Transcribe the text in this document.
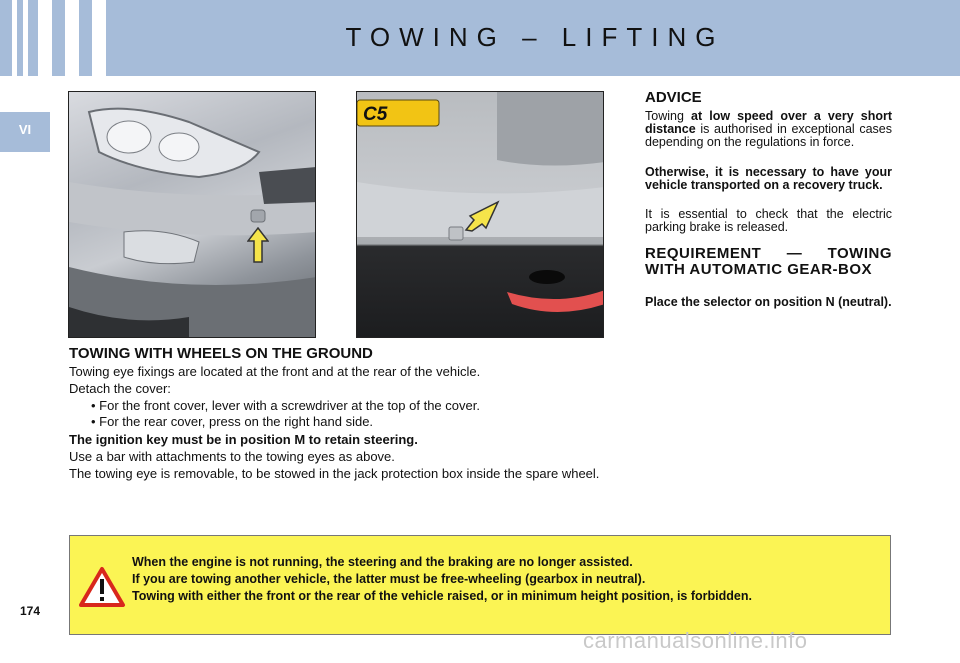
TOWING – LIFTING
VI
174
C5
TOWING WITH WHEELS ON THE GROUND
Towing eye fixings are located at the front and at the rear of the vehicle.
Detach the cover:
• For the front cover, lever with a screwdriver at the top of the cover.
• For the rear cover, press on the right hand side.
The ignition key must be in position M to retain steering.
Use a bar with attachments to the towing eyes as above.
The towing eye is removable, to be stowed in the jack protection box inside the spare wheel.
ADVICE
Towing at low speed over a very short distance is authorised in exceptional cases depending on the regulations in force.
Otherwise, it is necessary to have your vehicle transported on a recovery truck.
It is essential to check that the electric parking brake is released.
REQUIREMENT — TOWING WITH AUTOMATIC GEAR-BOX
Place the selector on position N (neutral).
When the engine is not running, the steering and the braking are no longer assisted.
If you are towing another vehicle, the latter must be free-wheeling (gearbox in neutral).
Towing with either the front or the rear of the vehicle raised, or in minimum height position, is forbidden.
carmanualsonline.info
